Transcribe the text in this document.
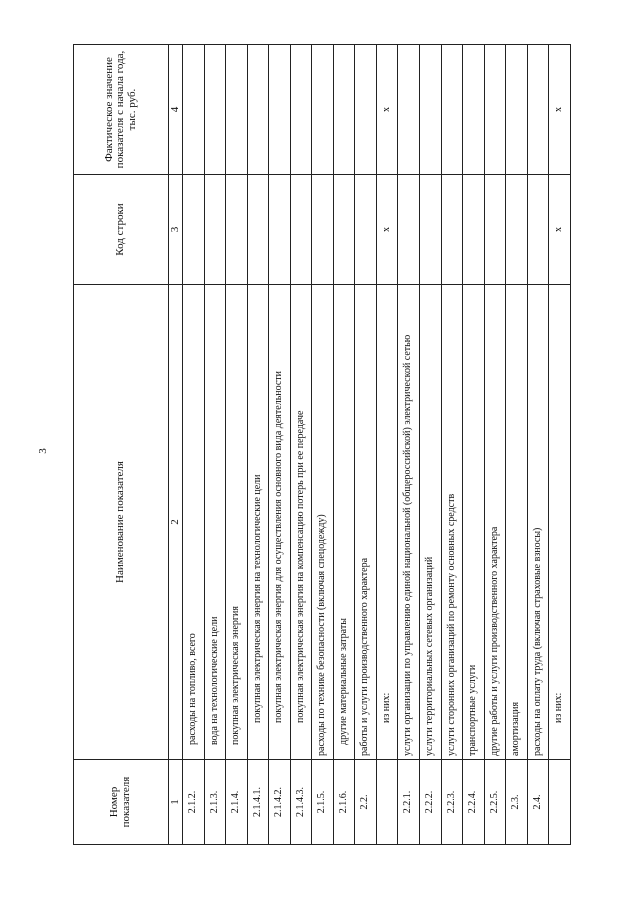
3
Номер показателя	Наименование показателя	Код строки	Фактическое значение показателя с начала года, тыс. руб.
1	2	3	4
2.1.2.	расходы на топливо, всего		
2.1.3.	вода на технологические цели		
2.1.4.	покупная электрическая энергия		
2.1.4.1.	покупная электрическая энергия на технологические цели		
2.1.4.2.	покупная электрическая энергия для осуществления основного вида деятельности		
2.1.4.3.	покупная электрическая энергия на компенсацию потерь при ее передаче		
2.1.5.	расходы по технике безопасности (включая спецодежду)		
2.1.6.	другие материальные затраты		
2.2.	работы и услуги производственного характера		
	из них:	x	x
2.2.1.	услуги организации по управлению единой национальной (общероссийской) электрической сетью		
2.2.2.	услуги территориальных сетевых организаций		
2.2.3.	услуги сторонних организаций по ремонту основных средств		
2.2.4.	транспортные услуги		
2.2.5.	другие работы и услуги производственного характера		
2.3.	амортизация		
2.4.	расходы на оплату труда (включая страховые взносы)		
	из них:	x	x
